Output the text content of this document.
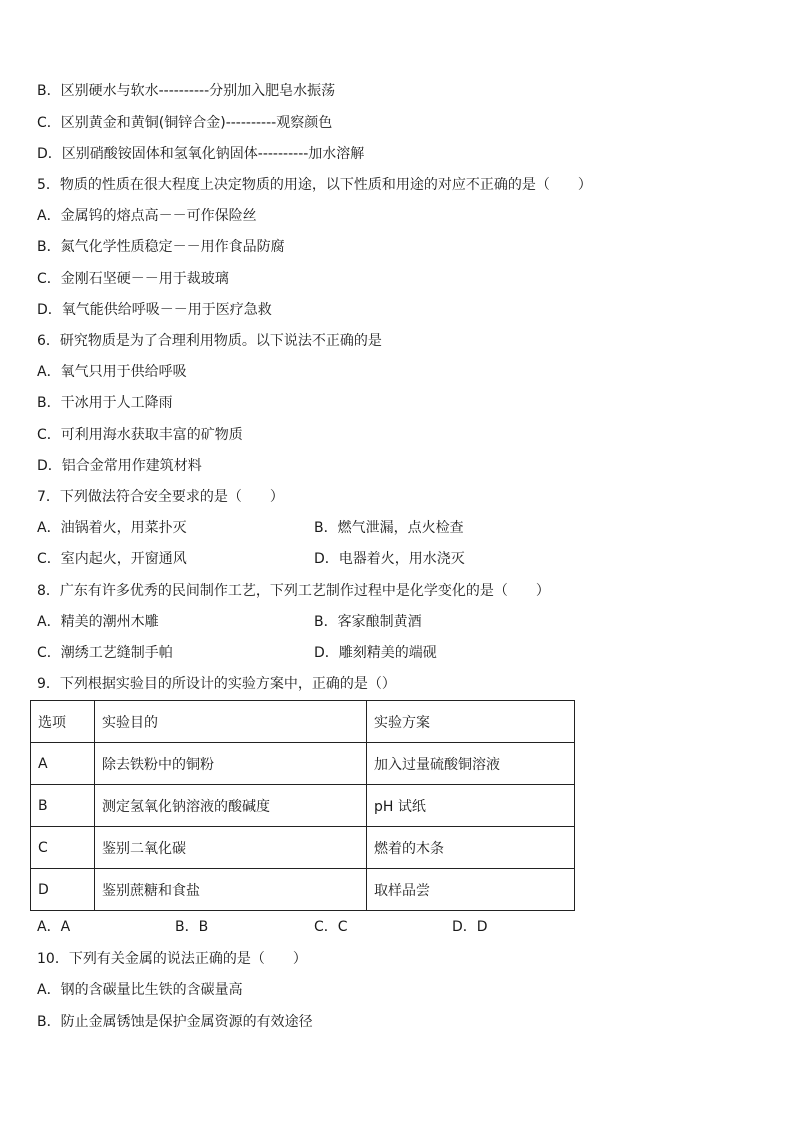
B．区别硬水与软水----------分别加入肥皂水振荡
C．区别黄金和黄铜(铜锌合金)----------观察颜色
D．区别硝酸铵固体和氢氧化钠固体----------加水溶解
5．物质的性质在很大程度上决定物质的用途，以下性质和用途的对应不正确的是（　　）
A．金属钨的熔点高－－可作保险丝
B．氮气化学性质稳定－－用作食品防腐
C．金刚石坚硬－－用于裁玻璃
D．氧气能供给呼吸－－用于医疗急救
6．研究物质是为了合理利用物质。以下说法不正确的是
A．氧气只用于供给呼吸
B．干冰用于人工降雨
C．可利用海水获取丰富的矿物质
D．铝合金常用作建筑材料
7．下列做法符合安全要求的是（　　）
A．油锅着火，用菜扑灭	B．燃气泄漏，点火检查
C．室内起火，开窗通风	D．电器着火，用水浇灭
8．广东有许多优秀的民间制作工艺，下列工艺制作过程中是化学变化的是（　　）
A．精美的潮州木雕	B．客家酿制黄酒
C．潮绣工艺缝制手帕	D．雕刻精美的端砚
9．下列根据实验目的所设计的实验方案中，正确的是（）
选项	实验目的	实验方案
A	除去铁粉中的铜粉	加入过量硫酸铜溶液
B	测定氢氧化钠溶液的酸碱度	pH 试纸
C	鉴别二氧化碳	燃着的木条
D	鉴别蔗糖和食盐	取样品尝
A．A	B．B	C．C	D．D
10．下列有关金属的说法正确的是（　　）
A．钢的含碳量比生铁的含碳量高
B．防止金属锈蚀是保护金属资源的有效途径
